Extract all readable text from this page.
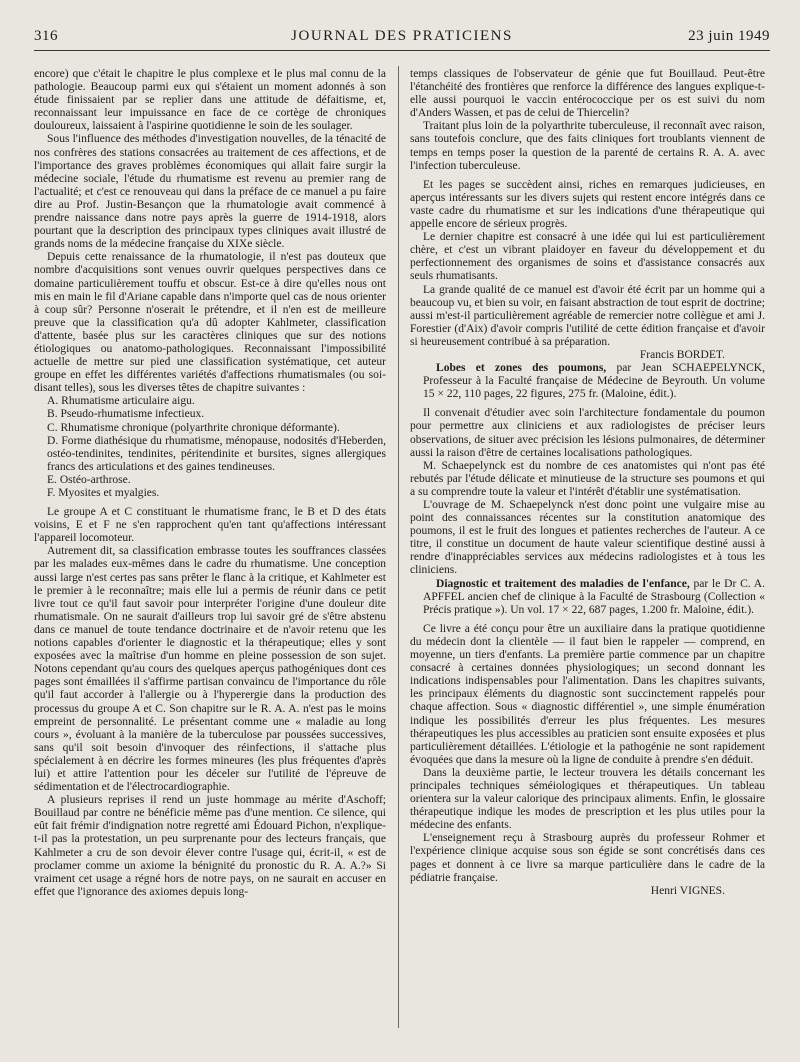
316	JOURNAL DES PRATICIENS	23 juin 1949

encore) que c'était le chapitre le plus complexe et le plus mal connu de la pathologie. Beaucoup parmi eux qui s'étaient un moment adonnés à son étude finissaient par se replier dans une attitude de défaitisme, et, reconnaissant leur impuissance en face de ce cortège de chroniques douloureux, laissaient à l'aspirine quotidienne le soin de les soulager.

Sous l'influence des méthodes d'investigation nouvelles, de la ténacité de nos confrères des stations consacrées au traitement de ces affections, et de l'importance des graves problèmes économiques qui allait faire surgir la médecine sociale, l'étude du rhumatisme est revenu au premier rang de l'actualité; et c'est ce renouveau qui dans la préface de ce manuel a pu faire dire au Prof. Justin-Besançon que la rhumatologie avait commencé à prendre naissance dans notre pays après la guerre de 1914-1918, alors pourtant que la description des principaux types cliniques avait illustré de grands noms de la médecine française du XIXe siècle.

Depuis cette renaissance de la rhumatologie, il n'est pas douteux que nombre d'acquisitions sont venues ouvrir quelques perspectives dans ce domaine particulièrement touffu et obscur. Est-ce à dire qu'elles nous ont mis en main le fil d'Ariane capable dans n'importe quel cas de nous orienter à coup sûr? Personne n'oserait le prétendre, et il n'en est de meilleure preuve que la classification qu'a dû adopter Kahlmeter, classification d'attente, basée plus sur les caractères cliniques que sur des notions étiologiques ou anatomo-pathologiques. Reconnaissant l'impossibilité actuelle de mettre sur pied une classification systématique, cet auteur groupe en effet les différentes variétés d'affections rhumatismales (ou soi-disant telles), sous les diverses têtes de chapitre suivantes :

A. Rhumatisme articulaire aigu.

B. Pseudo-rhumatisme infectieux.

C. Rhumatisme chronique (polyarthrite chronique déformante).

D. Forme diathésique du rhumatisme, ménopause, nodosités d'Heberden, ostéo-tendinites, tendinites, péritendinite et bursites, signes allergiques francs des articulations et des gaines tendineuses.

E. Ostéo-arthrose.

F. Myosites et myalgies.

Le groupe A et C constituant le rhumatisme franc, le B et D des états voisins, E et F ne s'en rapprochent qu'en tant qu'affections intéressant l'appareil locomoteur.

Autrement dit, sa classification embrasse toutes les souffrances classées par les malades eux-mêmes dans le cadre du rhumatisme. Une conception aussi large n'est certes pas sans prêter le flanc à la critique, et Kahlmeter est le premier à le reconnaître; mais elle lui a permis de réunir dans ce petit livre tout ce qu'il faut savoir pour interpréter l'origine d'une douleur dite rhumatismale. On ne saurait d'ailleurs trop lui savoir gré de s'être abstenu dans ce manuel de toute tendance doctrinaire et de n'avoir retenu que les notions capables d'orienter le diagnostic et la thérapeutique; elles y sont exposées avec la maîtrise d'un homme en pleine possession de son sujet. Notons cependant qu'au cours des quelques aperçus pathogéniques dont ces pages sont émaillées il s'affirme partisan convaincu de l'importance du rôle qu'il faut accorder à l'allergie ou à l'hyperergie dans la production des processus du groupe A et C. Son chapitre sur le R. A. A. n'est pas le moins empreint de personnalité. Le présentant comme une « maladie au long cours », évoluant à la manière de la tuberculose par poussées successives, sans qu'il soit besoin d'invoquer des réinfections, il s'attache plus spécialement à en décrire les formes mineures (les plus fréquentes d'après lui) et attire l'attention pour les déceler sur l'utilité de l'épreuve de sédimentation et de l'électrocardiographie.

A plusieurs reprises il rend un juste hommage au mérite d'Aschoff; Bouillaud par contre ne bénéficie même pas d'une mention. Ce silence, qui eût fait frémir d'indignation notre regretté ami Édouard Pichon, n'explique-t-il pas la protestation, un peu surprenante pour des lecteurs français, que Kahlmeter a cru de son devoir élever contre l'usage qui, écrit-il, « est de proclamer comme un axiome la bénignité du pronostic du R. A. A.?» Si vraiment cet usage a régné hors de notre pays, on ne saurait en accuser en effet que l'ignorance des axiomes depuis long-

temps classiques de l'observateur de génie que fut Bouillaud. Peut-être l'étanchéité des frontières que renforce la différence des langues explique-t-elle aussi pourquoi le vaccin entérococcique per os est suivi du nom d'Anders Wassen, et pas de celui de Thiercelin?

Traitant plus loin de la polyarthrite tuberculeuse, il reconnaît avec raison, sans toutefois conclure, que des faits cliniques fort troublants viennent de temps en temps poser la question de la parenté de certains R. A. A. avec l'infection tuberculeuse.

Et les pages se succèdent ainsi, riches en remarques judicieuses, en aperçus intéressants sur les divers sujets qui restent encore intégrés dans ce vaste cadre du rhumatisme et sur les indications d'une thérapeutique qui appelle encore de sérieux progrès.

Le dernier chapitre est consacré à une idée qui lui est particulièrement chère, et c'est un vibrant plaidoyer en faveur du développement et du perfectionnement des organismes de soins et d'assistance consacrés aux seuls rhumatisants.

La grande qualité de ce manuel est d'avoir été écrit par un homme qui a beaucoup vu, et bien su voir, en faisant abstraction de tout esprit de doctrine; aussi m'est-il particulièrement agréable de remercier notre collègue et ami J. Forestier (d'Aix) d'avoir compris l'utilité de cette édition française et d'avoir si heureusement contribué à sa préparation.

Francis BORDET.

Lobes et zones des poumons, par Jean SCHAEPELYNCK, Professeur à la Faculté française de Médecine de Beyrouth. Un volume 15 × 22, 110 pages, 22 figures, 275 fr. (Maloine, édit.).

Il convenait d'étudier avec soin l'architecture fondamentale du poumon pour permettre aux cliniciens et aux radiologistes de préciser leurs observations, de situer avec précision les lésions pulmonaires, de déterminer aussi la raison d'être de certaines localisations pathologiques.

M. Schaepelynck est du nombre de ces anatomistes qui n'ont pas été rebutés par l'étude délicate et minutieuse de la structure ses poumons et qui a su comprendre toute la valeur et l'intérêt d'établir une systématisation.

L'ouvrage de M. Schaepelynck n'est donc point une vulgaire mise au point des connaissances récentes sur la constitution anatomique des poumons, il est le fruit des longues et patientes recherches de l'auteur. A ce titre, il constitue un document de haute valeur scientifique destiné aussi à rendre d'inappréciables services aux médecins radiologistes et à tous les cliniciens.

Diagnostic et traitement des maladies de l'enfance, par le Dr C. A. APFFEL ancien chef de clinique à la Faculté de Strasbourg (Collection « Précis pratique »). Un vol. 17 × 22, 687 pages, 1.200 fr. Maloine, édit.).

Ce livre a été conçu pour être un auxiliaire dans la pratique quotidienne du médecin dont la clientèle — il faut bien le rappeler — comprend, en moyenne, un tiers d'enfants. La première partie commence par un chapitre consacré à certaines données physiologiques; un second donnant les indications indispensables pour l'alimentation. Dans les chapitres suivants, les principaux éléments du diagnostic sont succinctement rappelés pour chaque affection. Sous « diagnostic différentiel », une simple énumération indique les possibilités d'erreur les plus fréquentes. Les mesures thérapeutiques les plus accessibles au praticien sont ensuite exposées et plus particulièrement détaillées. L'étiologie et la pathogénie ne sont rapidement évoquées que dans la mesure où la ligne de conduite à prendre s'en déduit.

Dans la deuxième partie, le lecteur trouvera les détails concernant les principales techniques séméiologiques et thérapeutiques. Un tableau orientera sur la valeur calorique des principaux aliments. Enfin, le glossaire thérapeutique indique les modes de prescription et les plus utiles pour la médecine des enfants.

L'enseignement reçu à Strasbourg auprès du professeur Rohmer et l'expérience clinique acquise sous son égide se sont concrétisés dans ces pages et donnent à ce livre sa marque particulière dans le cadre de la pédiatrie française.

Henri VIGNES.
